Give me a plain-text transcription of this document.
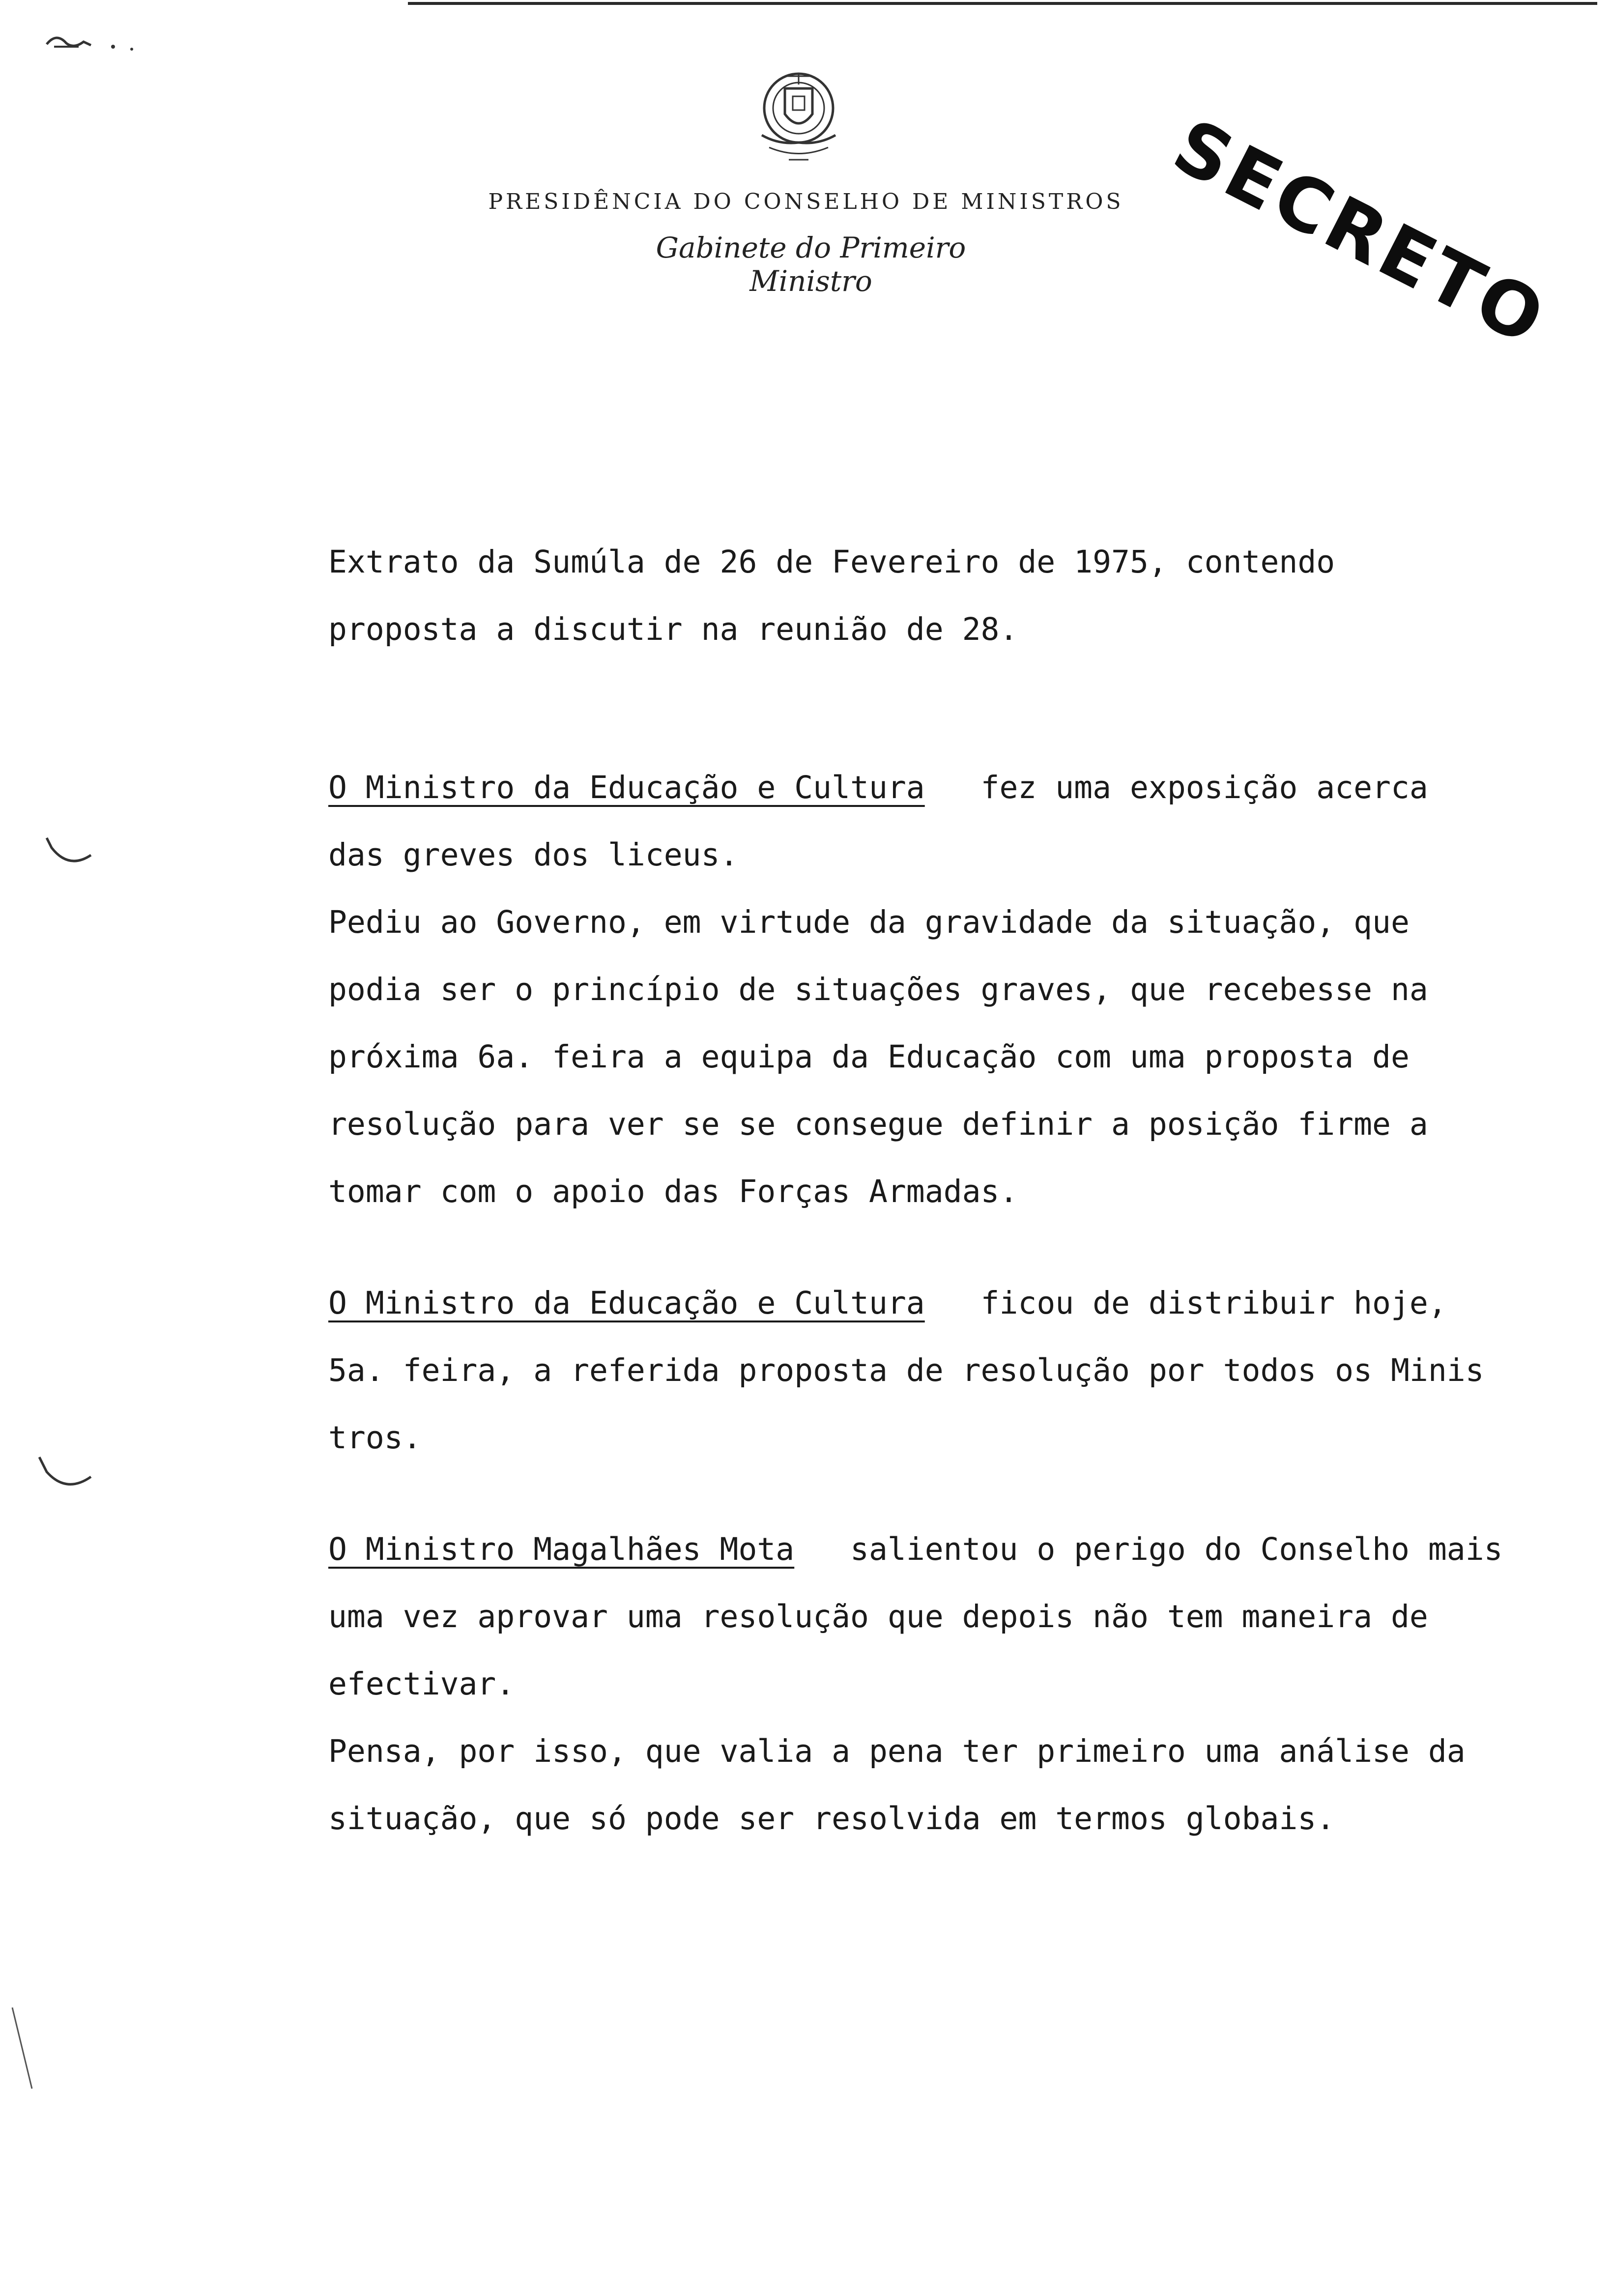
PRESIDÊNCIA DO CONSELHO DE MINISTROS
Gabinete do Primeiro Ministro	SECRETO

Extrato da Sumúla de 26 de Fevereiro de 1975, contendo
proposta a discutir na reunião de 28.

O Ministro da Educação e Cultura fez uma exposição acerca
das greves dos liceus.
Pediu ao Governo, em virtude da gravidade da situação, que
podia ser o princípio de situações graves, que recebesse na
próxima 6a. feira a equipa da Educação com uma proposta de
resolução para ver se se consegue definir a posição firme a
tomar com o apoio das Forças Armadas.

O Ministro da Educação e Cultura ficou de distribuir hoje,
5a. feira, a referida proposta de resolução por todos os Minis
tros.

O Ministro Magalhães Mota salientou o perigo do Conselho mais
uma vez aprovar uma resolução que depois não tem maneira de
efectivar.
Pensa, por isso, que valia a pena ter primeiro uma análise da
situação, que só pode ser resolvida em termos globais.
